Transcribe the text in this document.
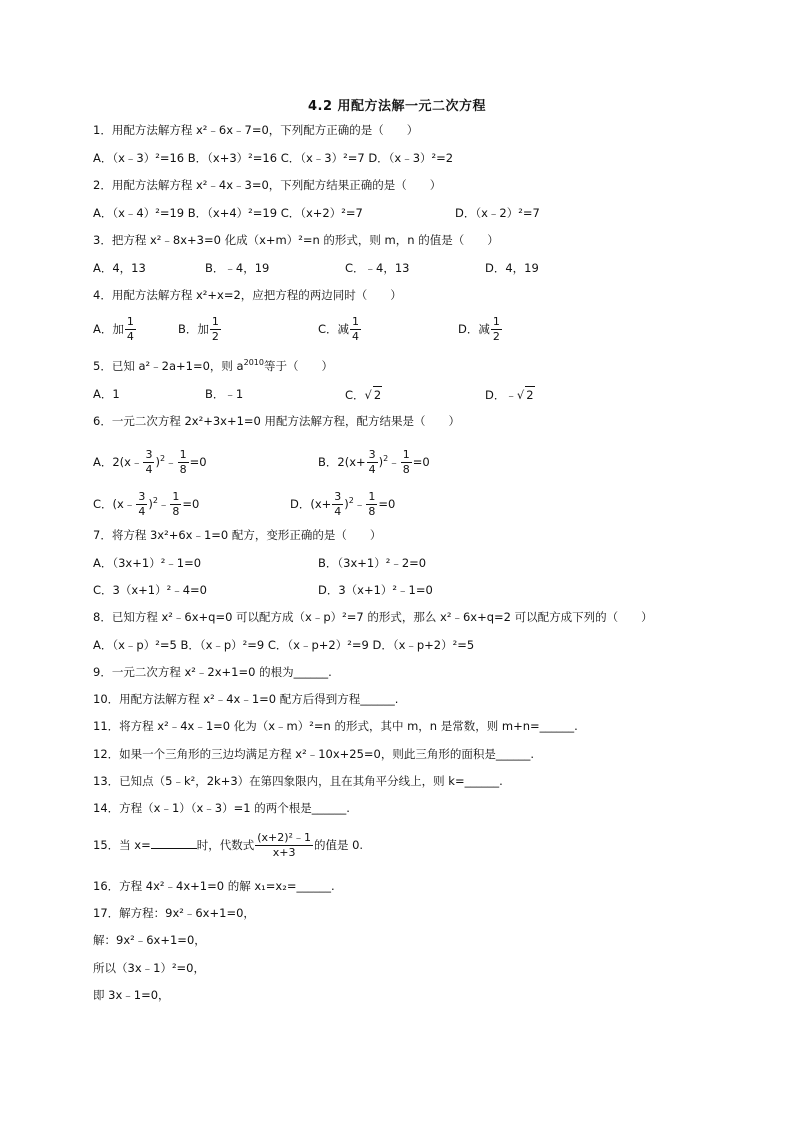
4.2 用配方法解一元二次方程
1．用配方法解方程 x²﹣6x﹣7=0，下列配方正确的是（　　）
A．（x﹣3）²=16 B．（x+3）²=16 C．（x﹣3）²=7 D．（x﹣3）²=2
2．用配方法解方程 x²﹣4x﹣3=0，下列配方结果正确的是（　　）
A．（x﹣4）²=19 B．（x+4）²=19 C．（x+2）²=7	D．（x﹣2）²=7
3．把方程 x²﹣8x+3=0 化成（x+m）²=n 的形式，则 m，n 的值是（　　）
A．4，13	B．﹣4，19	C．﹣4，13	D．4，19
4．用配方法解方程 x²+x=2，应把方程的两边同时（　　）
A．加 $\frac{1}{4}$	B．加 $\frac{1}{2}$	C．减 $\frac{1}{4}$	D．减 $\frac{1}{2}$
5．已知 a²﹣2a+1=0，则 $a^{2010}$等于（　　）
A．1	B．﹣1	C．√ 2	D．﹣√ 2
6．一元二次方程 2x²+3x+1=0 用配方法解方程，配方结果是（　　）
A．2(x﹣ $\frac{3}{4}$ )$^2$﹣ $\frac{1}{8} =0$	B．$2(x+ \frac{3}{4}$ )$^2﹣ \frac{1}{8} =0$
C．(x﹣ $\frac{3}{4}$ )$^2$﹣ $\frac{1}{8} =0$	D．($x+ \frac{3}{4}$ )$^2﹣ \frac{1}{8} =0$
7．将方程 3x²+6x﹣1=0 配方，变形正确的是（　　）
A．（3x+1）²﹣1=0	B．（3x+1）²﹣2=0
C．3（x+1）²﹣4=0	D．3（x+1）²﹣1=0
8．已知方程 x²﹣6x+q=0 可以配方成（x﹣p）²=7 的形式，那么 x²﹣6x+q=2 可以配方成下列的（　　）
A．（x﹣p）²=5 B．（x﹣p）²=9 C．（x﹣p+2）²=9 D．（x﹣p+2）²=5
9．一元二次方程 x²﹣2x+1=0 的根为______.
10．用配方法解方程 x²﹣4x﹣1=0 配方后得到方程______.
11．将方程 x²﹣4x﹣1=0 化为（x﹣m）²=n 的形式，其中 m，n 是常数，则 m+n=______.
12．如果一个三角形的三边均满足方程 x²﹣10x+25=0，则此三角形的面积是______.
13．已知点（5﹣k²，2k+3）在第四象限内，且在其角平分线上，则 k=______.
14．方程（x﹣1）（x﹣3）=1 的两个根是______.
15．当 x=	时，代数式 $\frac{\text{(x+2)²﹣1}}{x+3}$ 的值是 0.
16．方程 4x²﹣4x+1=0 的解 x₁=x₂=______.
17．解方程：9x²﹣6x+1=0，
解：9x²﹣6x+1=0，
所以（3x﹣1）²=0，
即 3x﹣1=0，
